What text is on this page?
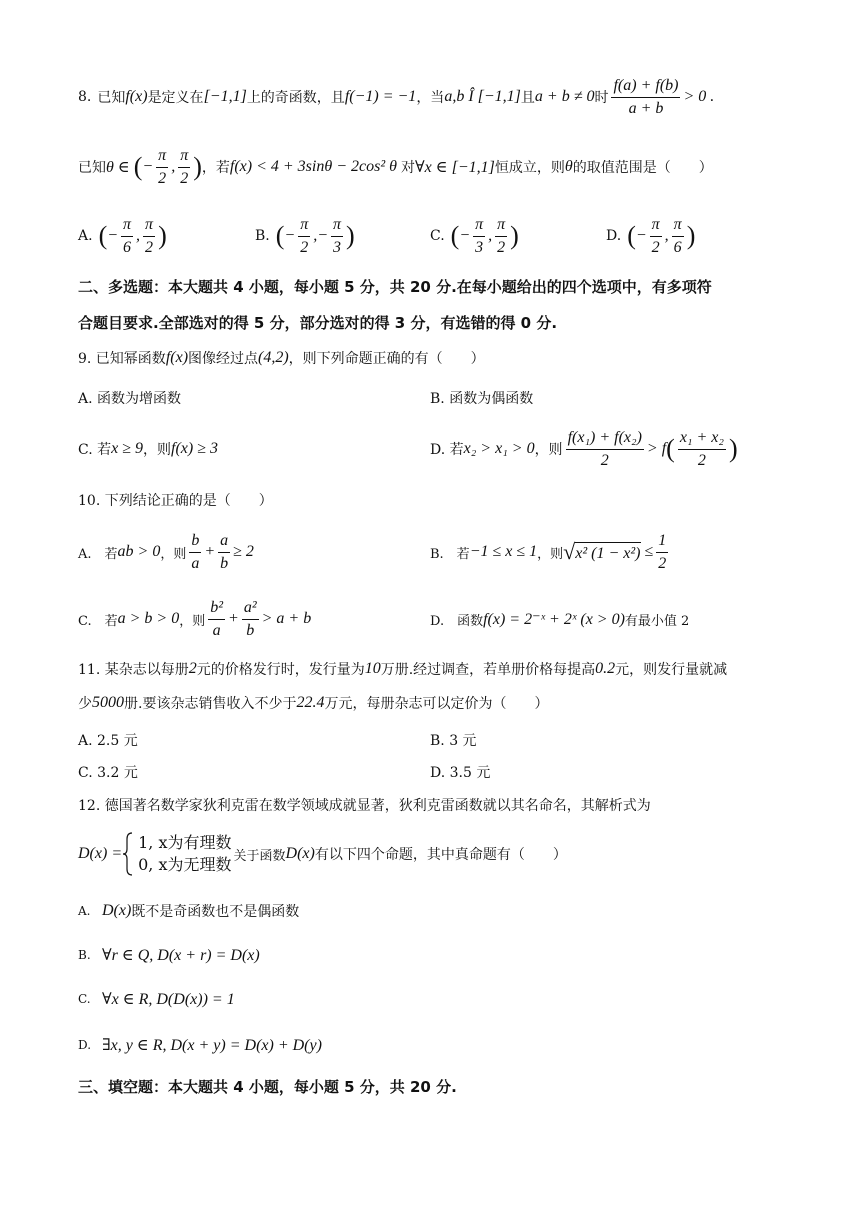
8. 已知 f(x) 是定义在 [−1,1] 上的奇函数，且 f(−1) = −1 ，当 a,b Î [−1,1] 且 a + b ≠ 0 时 $\frac{f(a) + f(b)}{a + b} > 0$ .
已知 θ ∈ ( − $\frac{\pi}{2}$ , $\frac{\pi}{2}$ ) ，若 f(x) < 4 + 3sinθ − 2cos² θ 对 ∀x ∈ [−1,1] 恒成立，则 θ 的取值范围是（　　）
A. ( − $\frac{\pi}{6}$ , $\frac{\pi}{2}$ )	B. ( − $\frac{\pi}{2}$ , − $\frac{\pi}{3}$ )	C. ( − $\frac{\pi}{3}$ , $\frac{\pi}{2}$ )	D. ( − $\frac{\pi}{2}$ , $\frac{\pi}{6}$ )
二、多选题：本大题共 4 小题，每小题 5 分，共 20 分.在每小题给出的四个选项中，有多项符
合题目要求.全部选对的得 5 分，部分选对的得 3 分，有选错的得 0 分.
9. 已知幂函数 f(x) 图像经过点 (4,2) ，则下列命题正确的有（　　）
A. 函数为增函数	B. 函数为偶函数
C. 若 x ≥ 9 ，则 f(x) ≥ 3	D. 若 x₂ > x₁ > 0 ，则 $\frac{\text{f(x₁) + f(x₂)}}{2} > f$ ( $\frac{\text{x₁ + x₂}}{2}$ )
10. 下列结论正确的是（　　）
A.　若 ab > 0 ，则 $\frac{b}{a} + \frac{a}{b} \ge 2$	B.　若 −1 ≤ x ≤ 1 ，则 √ x² $(1 - x^2) \le \frac{1}{2}$
C.　若 a > b > 0 ，则 $\frac{\text{b²}}{a} + \frac{\text{a²}}{b} > a + b$	D.　函数 f(x) = 2⁻ˣ + 2ˣ (x > 0) 有最小值 2
11. 某杂志以每册 2 元的价格发行时，发行量为 10 万册.经过调查，若单册价格每提高 0.2 元，则发行量就减
少 5000 册.要该杂志销售收入不少于 22.4 万元，每册杂志可以定价为（　　）
A. 2.5 元	B. 3 元
C. 3.2 元	D. 3.5 元
12. 德国著名数学家狄利克雷在数学领域成就显著，狄利克雷函数就以其名命名，其解析式为
D(x) =
1, x为有理数
0, x为无理数 关于函数 D(x) 有以下四个命题，其中真命题有（　　）
A. D(x) 既不是奇函数也不是偶函数
B. ∀r ∈ Q, D(x + r) = D(x)
C. ∀x ∈ R, D(D(x)) = 1
D. ∃x, y ∈ R, D(x + y) = D(x) + D(y)
三、填空题：本大题共 4 小题，每小题 5 分，共 20 分.
